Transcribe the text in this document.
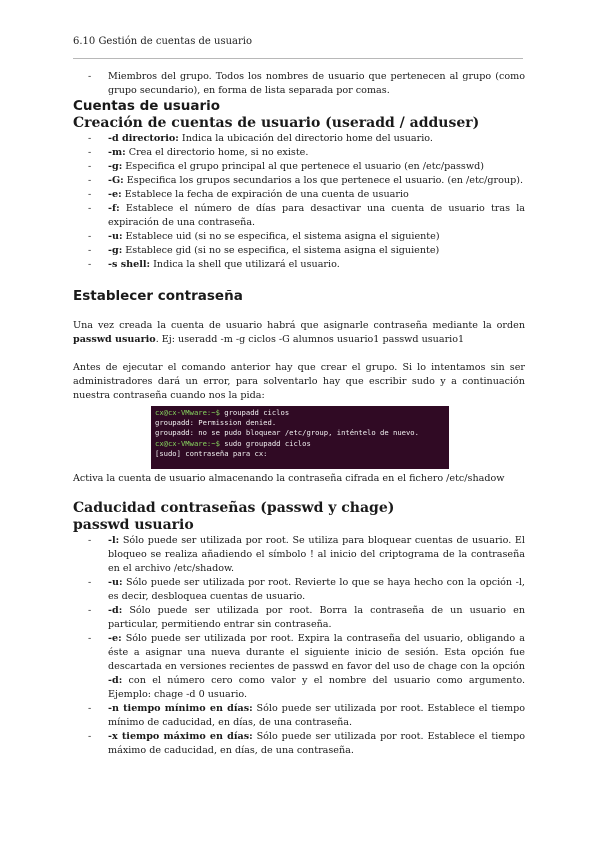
6.10 Gestión de cuentas de usuario
- Miembros del grupo. Todos los nombres de usuario que pertenecen al grupo (como grupo secundario), en forma de lista separada por comas.
Cuentas de usuario
Creación de cuentas de usuario (useradd / adduser)
- -d directorio: Indica la ubicación del directorio home del usuario.
- -m: Crea el directorio home, si no existe.
- -g: Especifica el grupo principal al que pertenece el usuario (en /etc/passwd)
- -G: Especifica los grupos secundarios a los que pertenece el usuario. (en /etc/group).
- -e: Establece la fecha de expiración de una cuenta de usuario
- -f: Establece el número de días para desactivar una cuenta de usuario tras la expiración de una contraseña.
- -u: Establece uid (si no se especifica, el sistema asigna el siguiente)
- -g: Establece gid (si no se especifica, el sistema asigna el siguiente)
- -s shell: Indica la shell que utilizará el usuario.
Establecer contraseña

Una vez creada la cuenta de usuario habrá que asignarle contraseña mediante la orden passwd usuario. Ej: useradd -m -g ciclos -G alumnos usuario1 passwd usuario1

Antes de ejecutar el comando anterior hay que crear el grupo. Si lo intentamos sin ser administradores dará un error, para solventarlo hay que escribir sudo y a continuación nuestra contraseña cuando nos la pida:

cx@cx-VMware:~$ groupadd ciclos
groupadd: Permission denied.
groupadd: no se pudo bloquear /etc/group, inténtelo de nuevo.
cx@cx-VMware:~$ sudo groupadd ciclos
[sudo] contraseña para cx:

Activa la cuenta de usuario almacenando la contraseña cifrada en el fichero /etc/shadow

Caducidad contraseñas (passwd y chage)
passwd usuario
- -l: Sólo puede ser utilizada por root. Se utiliza para bloquear cuentas de usuario. El bloqueo se realiza añadiendo el símbolo ! al inicio del criptograma de la contraseña en el archivo /etc/shadow.
- -u: Sólo puede ser utilizada por root. Revierte lo que se haya hecho con la opción -l, es decir, desbloquea cuentas de usuario.
- -d: Sólo puede ser utilizada por root. Borra la contraseña de un usuario en particular, permitiendo entrar sin contraseña.
- -e: Sólo puede ser utilizada por root. Expira la contraseña del usuario, obligando a éste a asignar una nueva durante el siguiente inicio de sesión. Esta opción fue descartada en versiones recientes de passwd en favor del uso de chage con la opción -d: con el número cero como valor y el nombre del usuario como argumento. Ejemplo: chage -d 0 usuario.
- -n tiempo mínimo en días: Sólo puede ser utilizada por root. Establece el tiempo mínimo de caducidad, en días, de una contraseña.
- -x tiempo máximo en días: Sólo puede ser utilizada por root. Establece el tiempo máximo de caducidad, en días, de una contraseña.
